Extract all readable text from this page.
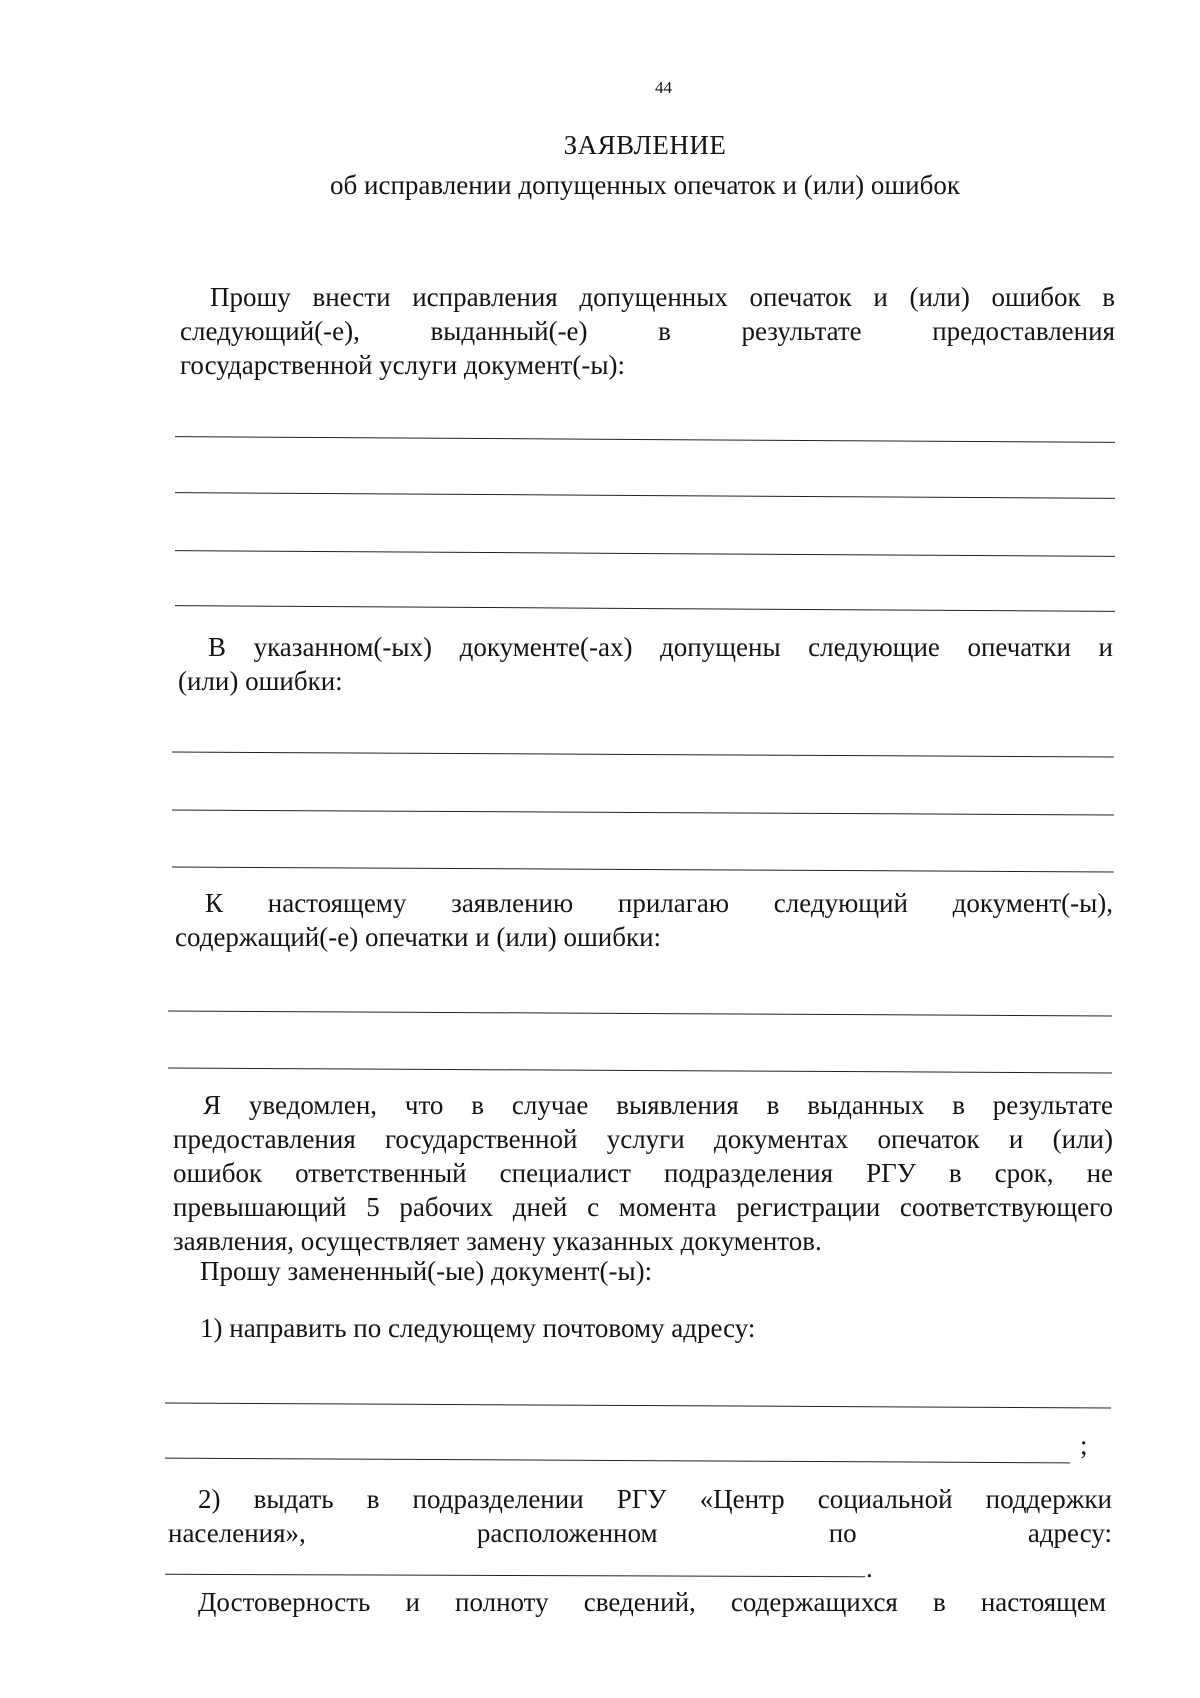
44
ЗАЯВЛЕНИЕ
об исправлении допущенных опечаток и (или) ошибок
Прошу внести исправления допущенных опечаток и (или) ошибок в
следующий(-е), выданный(-е) в результате предоставления
государственной услуги документ(-ы):
В указанном(-ых) документе(-ах) допущены следующие опечатки и
(или) ошибки:
К настоящему заявлению прилагаю следующий документ(-ы),
содержащий(-е) опечатки и (или) ошибки:
Я уведомлен, что в случае выявления в выданных в результате
предоставления государственной услуги документах опечаток и (или)
ошибок ответственный специалист подразделения РГУ в срок, не
превышающий 5 рабочих дней с момента регистрации соответствующего
заявления, осуществляет замену указанных документов.
Прошу замененный(-ые) документ(-ы):
1) направить по следующему почтовому адресу:
;
2) выдать в подразделении РГУ «Центр социальной поддержки
населения», расположенном по адресу:
.
Достоверность и полноту сведений, содержащихся в настоящем
